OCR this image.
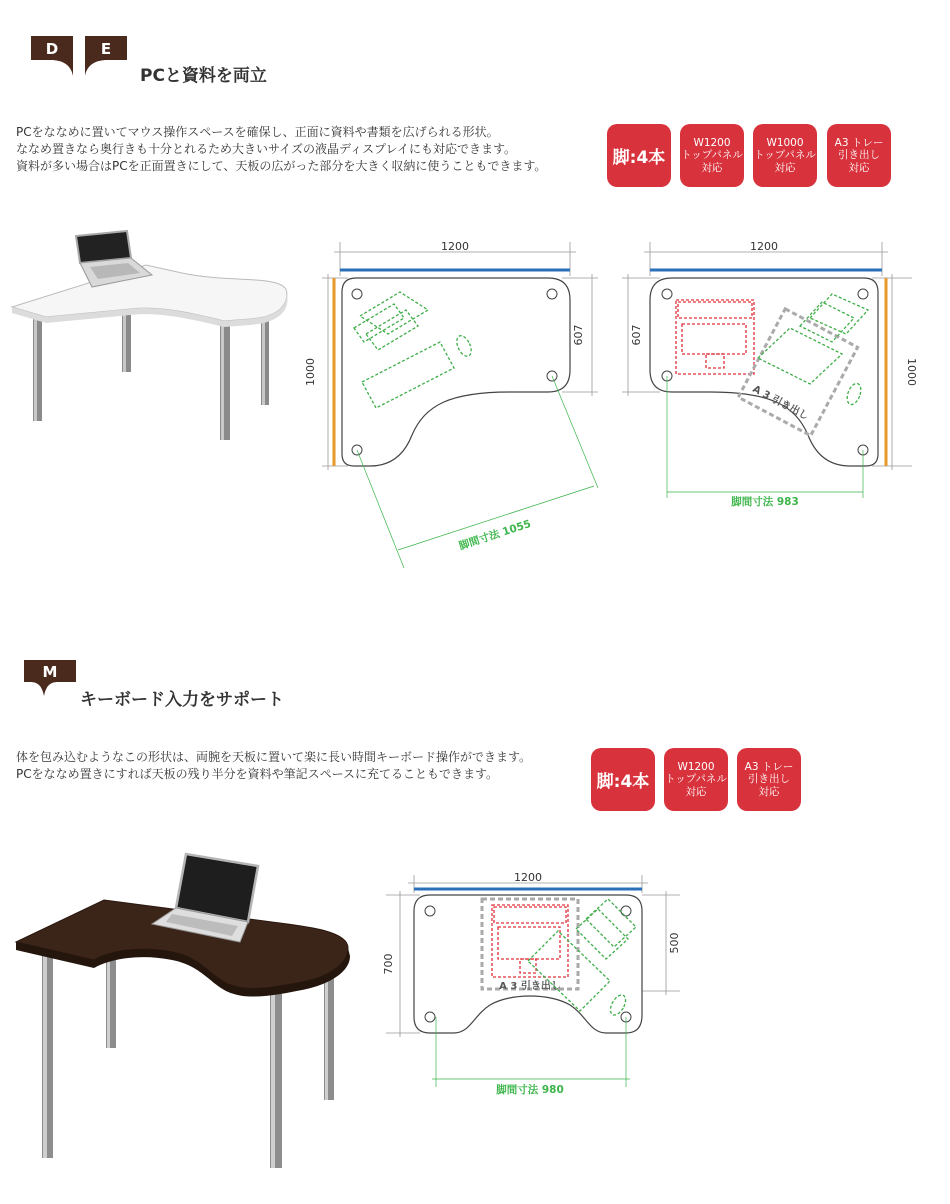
D	E
PCと資料を両立
PCをななめに置いてマウス操作スペースを確保し、正面に資料や書類を広げられる形状。
ななめ置きなら奥行きも十分とれるため大きいサイズの液晶ディスプレイにも対応できます。
資料が多い場合はPCを正面置きにして、天板の広がった部分を大きく収納に使うこともできます。	脚:4本
W1200
トップパネル
対応
W1000
トップパネル
対応
A3 トレー
引き出し
対応
1200
1000
607
脚間寸法 1055
1200
607
1000
A 3 引き出し
脚間寸法 983
M
キーボード入力をサポート
体を包み込むようなこの形状は、両腕を天板に置いて楽に長い時間キーボード操作ができます。
PCをななめ置きにすれば天板の残り半分を資料や筆記スペースに充てることもできます。	脚:4本
W1200
トップパネル
対応
A3 トレー
引き出し
対応
1200
700
500
A 3 引き出し
脚間寸法 980
